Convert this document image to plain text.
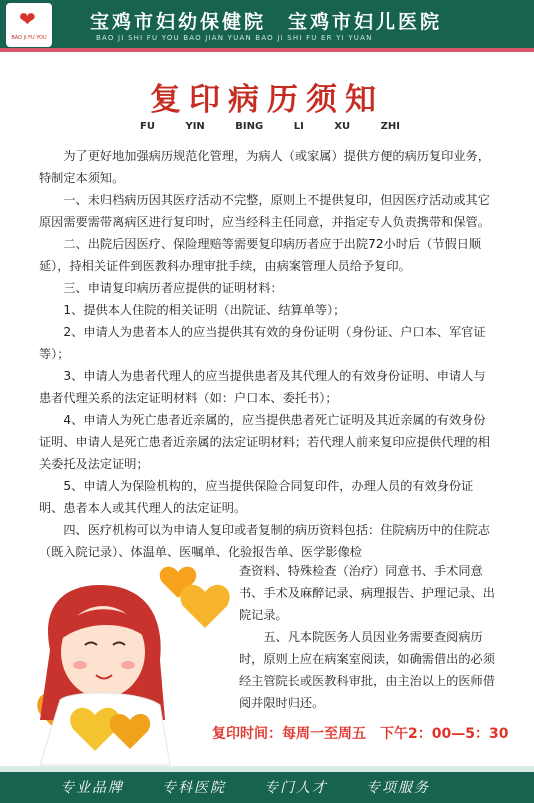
❤
BAO JI FU YOU
宝鸡市妇幼保健院　宝鸡市妇儿医院
BAO JI SHI FU YOU BAO JIAN YUAN BAO JI SHI FU ER YI YUAN
复印病历须知
FU	YIN	BING	LI	XU	ZHI

　　为了更好地加强病历规范化管理，为病人（或家属）提供方便的病历复印业务，特制定本须知。

　　一、未归档病历因其医疗活动不完整，原则上不提供复印，但因医疗活动或其它原因需要需带离病区进行复印时，应当经科主任同意，并指定专人负责携带和保管。

　　二、出院后因医疗、保险理赔等需要复印病历者应于出院72小时后（节假日顺延），持相关证件到医教科办理审批手续，由病案管理人员给予复印。

　　三、申请复印病历者应提供的证明材料：

　　1、提供本人住院的相关证明（出院证、结算单等）；

　　2、申请人为患者本人的应当提供其有效的身份证明（身份证、户口本、军官证等）；

　　3、申请人为患者代理人的应当提供患者及其代理人的有效身份证明、申请人与患者代理关系的法定证明材料（如：户口本、委托书）；

　　4、申请人为死亡患者近亲属的，应当提供患者死亡证明及其近亲属的有效身份证明、申请人是死亡患者近亲属的法定证明材料；若代理人前来复印应提供代理的相关委托及法定证明；

　　5、申请人为保险机构的，应当提供保险合同复印件，办理人员的有效身份证明、患者本人或其代理人的法定证明。

　　四、医疗机构可以为申请人复印或者复制的病历资料包括：住院病历中的住院志（既入院记录）、体温单、医嘱单、化验报告单、医学影像检

查资料、特殊检查（治疗）同意书、手术同意书、手术及麻醉记录、病理报告、护理记录、出院记录。

　　五、凡本院医务人员因业务需要查阅病历时，原则上应在病案室阅读，如确需借出的必须经主管院长或医教科审批，由主治以上的医师借阅并限时归还。

复印时间：每周一至周五　下午2：00—5：30
专业品牌	专科医院	专门人才	专项服务
